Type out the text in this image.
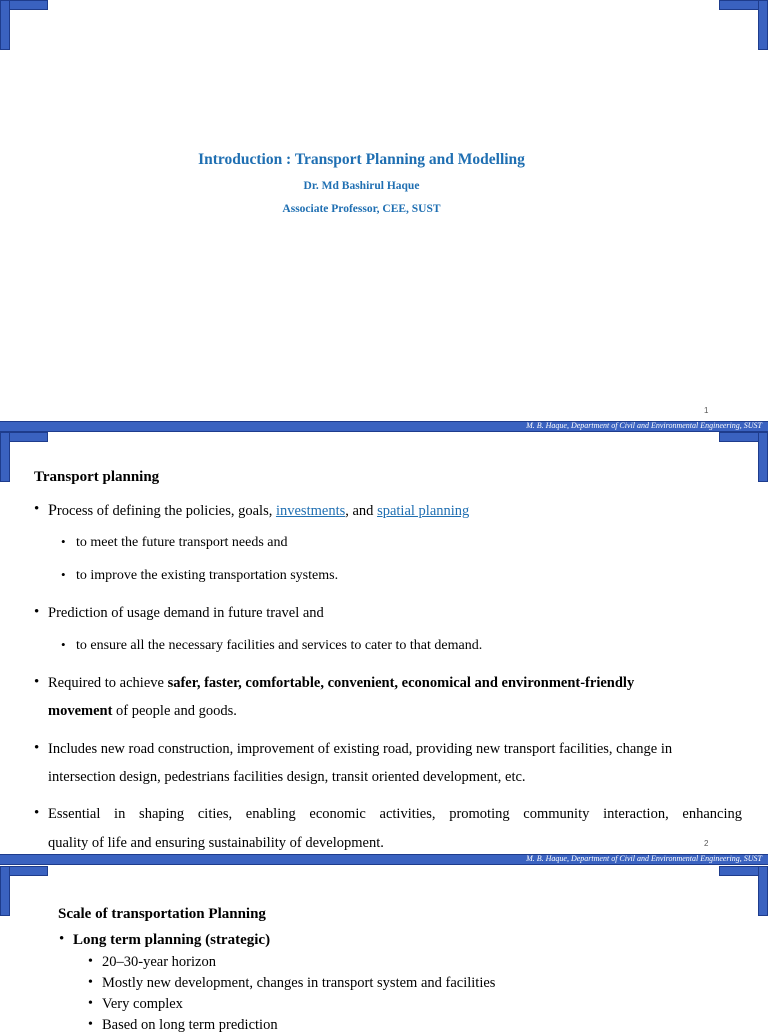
Introduction : Transport Planning and Modelling
Dr. Md Bashirul Haque
Associate Professor, CEE, SUST
1
M. B. Haque, Department of Civil and Environmental Engineering, SUST
Transport planning
• Process of defining the policies, goals, investments, and spatial planning
• to meet the future transport needs and
• to improve the existing transportation systems.
• Prediction of usage demand in future travel and
• to ensure all the necessary facilities and services to cater to that demand.
• Required to achieve safer, faster, comfortable, convenient, economical and environment-friendly
movement of people and goods.
• Includes new road construction, improvement of existing road, providing new transport facilities, change in
intersection design, pedestrians facilities design, transit oriented development, etc.
• Essential in shaping cities, enabling economic activities, promoting community interaction, enhancing
quality of life and ensuring sustainability of development.	2
M. B. Haque, Department of Civil and Environmental Engineering, SUST
Scale of transportation Planning
• Long term planning (strategic)
• 20–30-year horizon
• Mostly new development, changes in transport system and facilities
• Very complex
• Based on long term prediction
